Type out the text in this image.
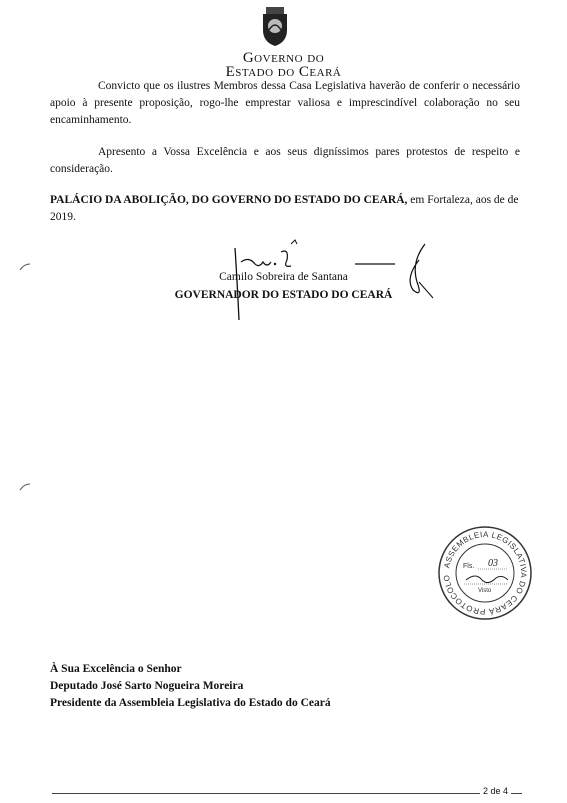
Governo do
Estado do Ceará
Convicto que os ilustres Membros dessa Casa Legislativa haverão de conferir o necessário apoio à presente proposição, rogo-lhe emprestar valiosa e imprescindível colaboração no seu encaminhamento.
Apresento a Vossa Excelência e aos seus digníssimos pares protestos de respeito e consideração.
PALÁCIO DA ABOLIÇÃO, DO GOVERNO DO ESTADO DO CEARÁ, em Fortaleza, aos de de 2019.
Camilo Sobreira de Santana
GOVERNADOR DO ESTADO DO CEARÁ
ASSEMBLEIA LEGISLATIVA DO CEARÁ PROTOCOLO
Fls. 03
Visto
À Sua Excelência o Senhor
Deputado José Sarto Nogueira Moreira
Presidente da Assembleia Legislativa do Estado do Ceará
2 de 4
